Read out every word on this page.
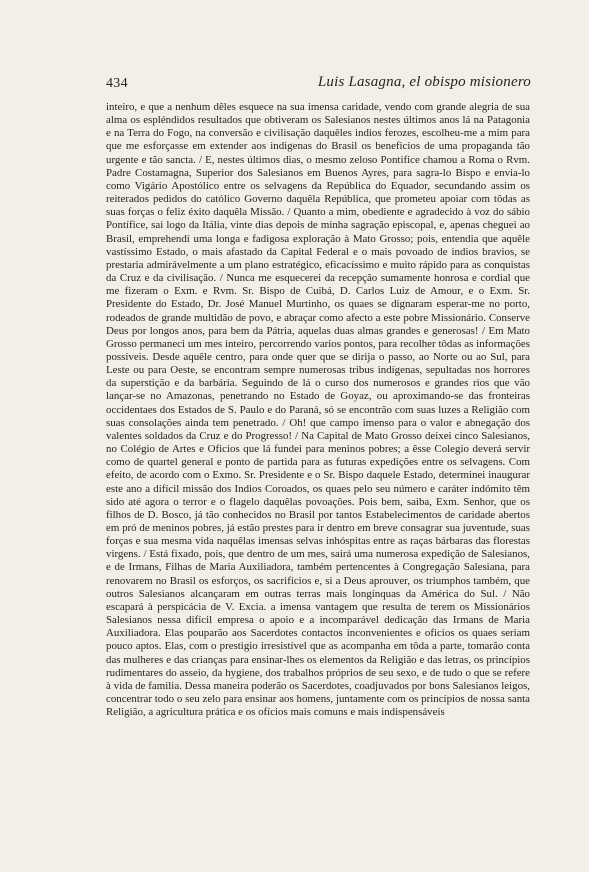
434	Luis Lasagna, el obispo misionero

inteiro, e que a nenhum dêles esquece na sua imensa caridade, vendo com grande alegria de sua alma os espléndidos resultados que obtiveram os Salesianos nestes últimos anos lá na Patagonia e na Terra do Fogo, na conversão e civilisação daquêles indios ferozes, escolheu-me a mim para que me esforçasse em extender aos indigenas do Brasil os beneficios de uma propaganda tão urgente e tão sancta. / E, nestes últimos dias, o mesmo zeloso Pontifice chamou a Roma o Rvm. Padre Costamagna, Superior dos Salesianos em Buenos Ayres, para sagra-lo Bispo e envia-lo como Vigário Apostólico entre os selvagens da República do Equador, secundando assim os reiterados pedidos do católico Governo daquêla República, que prometeu apoiar com tôdas as suas forças o feliz éxito daquêla Missão. / Quanto a mim, obediente e agradecido à voz do sábio Pontífice, sai logo da Itália, vinte dias depois de minha sagração episcopal, e, apenas cheguei ao Brasil, emprehendí uma longa e fadigosa exploração à Mato Grosso; pois, entendia que aquêle vastíssimo Estado, o mais afastado da Capital Federal e o mais povoado de indios bravios, se prestaria admirávelmente a um plano estratégico, eficacíssimo e muito rápido para as conquistas da Cruz e da civilisação. / Nunca me esquecerei da recepção sumamente honrosa e cordial que me fizeram o Exm. e Rvm. Sr. Bispo de Cuibá, D. Carlos Luiz de Amour, e o Exm. Sr. Presidente do Estado, Dr. José Manuel Murtinho, os quaes se dignaram esperar-me no porto, rodeados de grande multidão de povo, e abraçar como afecto a este pobre Missionário. Conserve Deus por longos anos, para bem da Pátria, aquelas duas almas grandes e generosas! / Em Mato Grosso permaneci um mes inteiro, percorrendo varios pontos, para recolher tôdas as informações possíveis. Desde aquêle centro, para onde quer que se dirija o passo, ao Norte ou ao Sul, para Leste ou para Oeste, se encontram sempre numerosas tribus indígenas, sepultadas nos horrores da superstição e da barbária. Seguindo de lá o curso dos numerosos e grandes rios que vão lançar-se no Amazonas, penetrando no Estado de Goyaz, ou aproximando-se das fronteiras occidentaes dos Estados de S. Paulo e do Paraná, só se encontrão com suas luzes a Religião com suas consolações ainda tem penetrado. / Oh! que campo imenso para o valor e abnegação dos valentes soldados da Cruz e do Progresso! / Na Capital de Mato Grosso deixei cinco Salesianos, no Colégio de Artes e Oficios que lá fundei para meninos pobres; a êsse Colegio deverá servir como de quartel general e ponto de partida para as futuras expedições entre os selvagens. Com efeito, de acordo com o Exmo. Sr. Presidente e o Sr. Bispo daquele Estado, determinei inaugurar este ano a difícil missão dos Indios Coroados, os quaes pelo seu número e caráter indómito têm sido até agora o terror e o flagelo daquêlas povoações. Pois bem, saiba, Exm. Senhor, que os filhos de D. Bosco, já tão conhecidos no Brasil por tantos Estabelecimentos de caridade abertos em pró de meninos pobres, já estão prestes para ir dentro em breve consagrar sua juventude, suas forças e sua mesma vida naquêlas imensas selvas inhóspitas entre as raças bárbaras das florestas virgens. / Está fixado, pois, que dentro de um mes, sairá uma numerosa expedição de Salesianos, e de Irmans, Filhas de Maria Auxiliadora, também pertencentes à Congregação Salesiana, para renovarem no Brasil os esforços, os sacrificios e, si a Deus aprouver, os triumphos também, que outros Salesianos alcançaram em outras terras mais longínquas da América do Sul. / Não escapará à perspicácia de V. Excia. a imensa vantagem que resulta de terem os Missionários Salesianos nessa difícil empresa o apoio e a incomparável dedicação das Irmans de Maria Auxiliadora. Elas pouparão aos Sacerdotes contactos inconvenientes e oficios os quaes seriam pouco aptos. Elas, com o prestigio irresistível que as acompanha em tôda a parte, tomarão conta das mulheres e das crianças para ensinar-lhes os elementos da Religião e das letras, os princípios rudimentares do asseio, da hygiene, dos trabalhos próprios de seu sexo, e de tudo o que se refere à vida de familia. Dessa maneira poderão os Sacerdotes, coadjuvados por bons Salesianos leigos, concentrar todo o seu zelo para ensinar aos homens, juntamente com os princípios de nossa santa Religião, a agricultura prática e os ofícios mais comuns e mais indispensáveis
